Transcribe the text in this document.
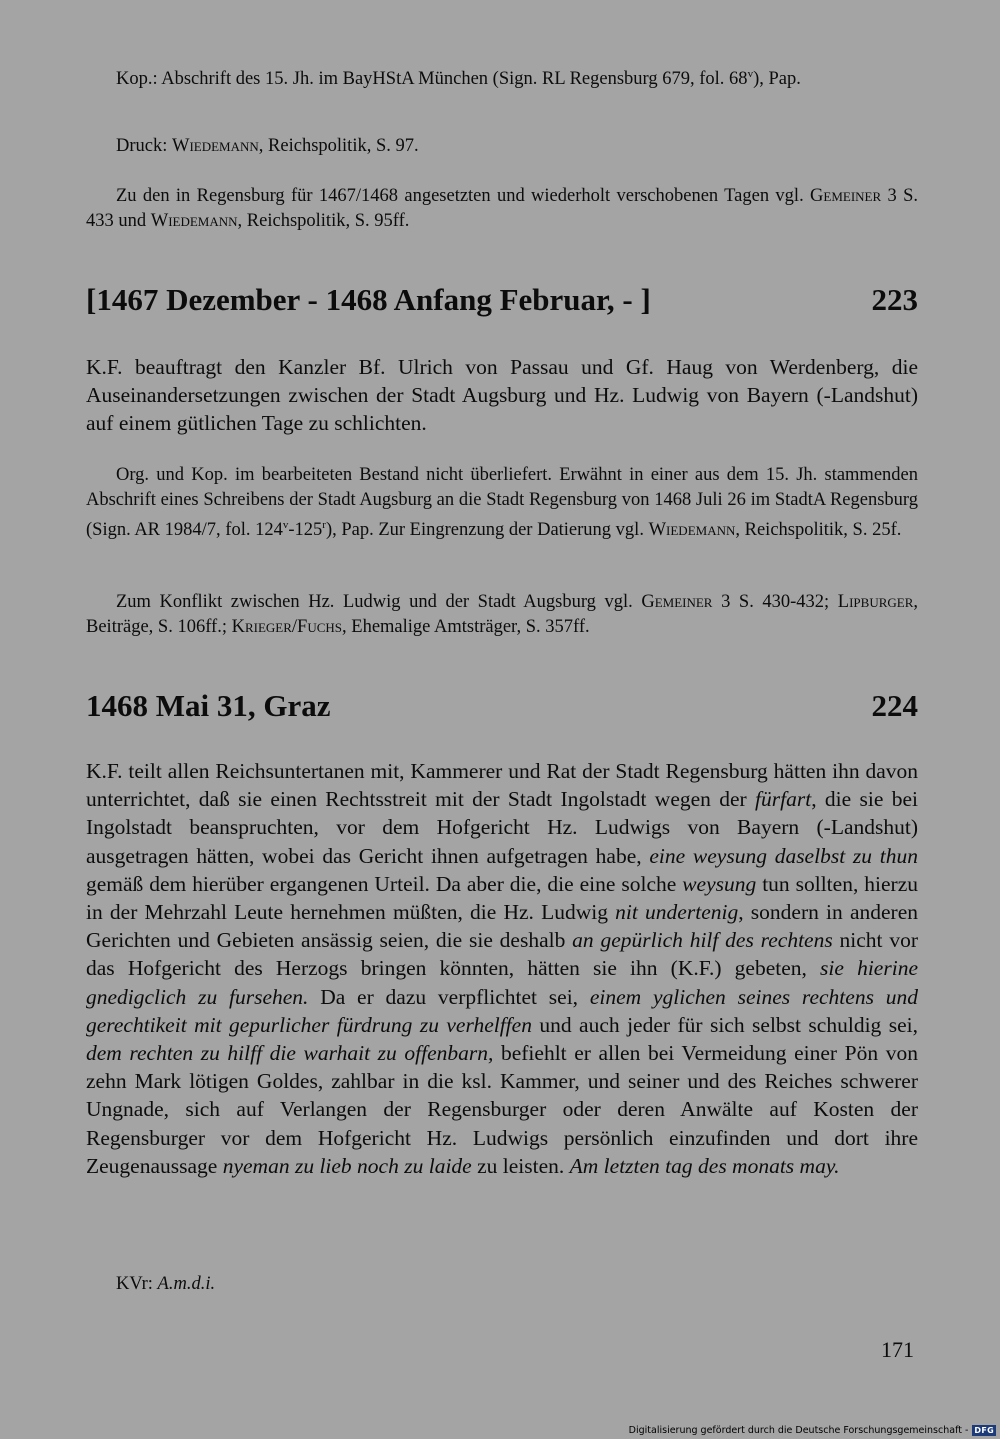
Kop.: Abschrift des 15. Jh. im BayHStA München (Sign. RL Regensburg 679, fol. 68$^v$), Pap.

Druck: Wiedemann, Reichspolitik, S. 97.

Zu den in Regensburg für 1467/1468 angesetzten und wiederholt verschobenen Tagen vgl. Gemeiner 3 S. 433 und Wiedemann, Reichspolitik, S. 95ff.

[1467 Dezember - 1468 Anfang Februar, - ]	223

K.F. beauftragt den Kanzler Bf. Ulrich von Passau und Gf. Haug von Werdenberg, die Auseinandersetzungen zwischen der Stadt Augsburg und Hz. Ludwig von Bayern (-Landshut) auf einem gütlichen Tage zu schlichten.

Org. und Kop. im bearbeiteten Bestand nicht überliefert. Erwähnt in einer aus dem 15. Jh. stammenden Abschrift eines Schreibens der Stadt Augsburg an die Stadt Regensburg von 1468 Juli 26 im StadtA Regensburg (Sign. AR 1984/7, fol. 124$^v$-125$^r$), Pap. Zur Eingrenzung der Datierung vgl. Wiedemann, Reichspolitik, S. 25f.

Zum Konflikt zwischen Hz. Ludwig und der Stadt Augsburg vgl. Gemeiner 3 S. 430-432; Lipburger, Beiträge, S. 106ff.; Krieger/Fuchs, Ehemalige Amtsträger, S. 357ff.

1468 Mai 31, Graz	224

K.F. teilt allen Reichsuntertanen mit, Kammerer und Rat der Stadt Regensburg hätten ihn davon unterrichtet, daß sie einen Rechtsstreit mit der Stadt Ingolstadt wegen der fürfart, die sie bei Ingolstadt beanspruchten, vor dem Hofgericht Hz. Ludwigs von Bayern (-Landshut) ausgetragen hätten, wobei das Gericht ihnen aufgetragen habe, eine weysung daselbst zu thun gemäß dem hierüber ergangenen Urteil. Da aber die, die eine solche weysung tun sollten, hierzu in der Mehrzahl Leute hernehmen müßten, die Hz. Ludwig nit undertenig, sondern in anderen Gerichten und Gebieten ansässig seien, die sie deshalb an gepürlich hilf des rechtens nicht vor das Hofgericht des Herzogs bringen könnten, hätten sie ihn (K.F.) gebeten, sie hierine gnedigclich zu fursehen. Da er dazu verpflichtet sei, einem yglichen seines rechtens und gerechtikeit mit gepurlicher fürdrung zu verhelffen und auch jeder für sich selbst schuldig sei, dem rechten zu hilff die warhait zu offenbarn, befiehlt er allen bei Vermeidung einer Pön von zehn Mark lötigen Goldes, zahlbar in die ksl. Kammer, und seiner und des Reiches schwerer Ungnade, sich auf Verlangen der Regensburger oder deren Anwälte auf Kosten der Regensburger vor dem Hofgericht Hz. Ludwigs persönlich einzufinden und dort ihre Zeugenaussage nyeman zu lieb noch zu laide zu leisten. Am letzten tag des monats may.

KVr: A.m.d.i.

171
Digitalisierung gefördert durch die Deutsche Forschungsgemeinschaft - DFG
